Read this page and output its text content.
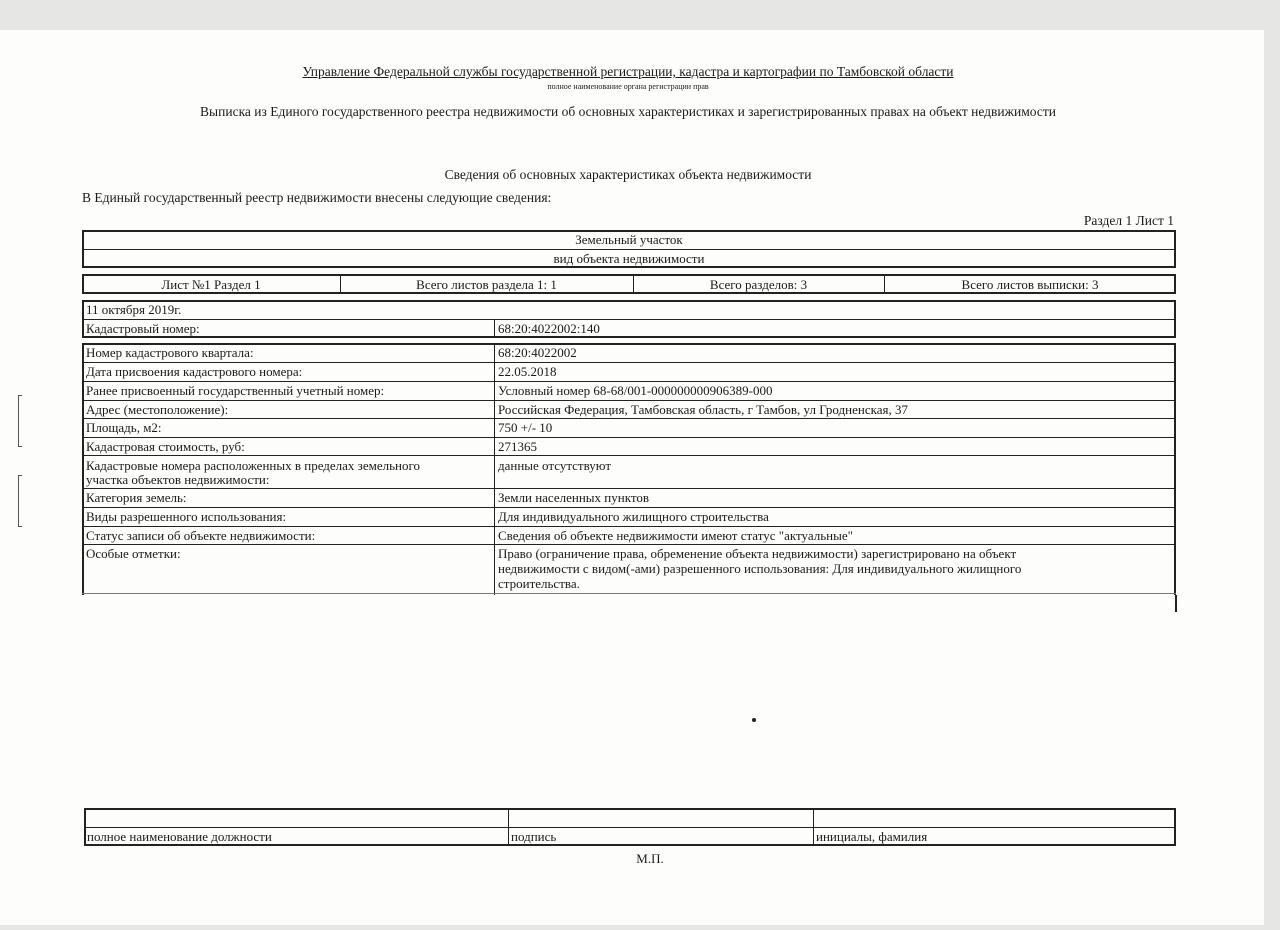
Управление Федеральной службы государственной регистрации, кадастра и картографии по Тамбовской области
полное наименование органа регистрации прав
Выписка из Единого государственного реестра недвижимости об основных характеристиках и зарегистрированных правах на объект недвижимости
Сведения об основных характеристиках объекта недвижимости
В Единый государственный реестр недвижимости внесены следующие сведения:
Раздел 1 Лист 1
Земельный участок
вид объекта недвижимости
Лист №1 Раздел 1	Всего листов раздела 1: 1	Всего разделов: 3	Всего листов выписки: 3
11 октября 2019г.
Кадастровый номер:	68:20:4022002:140
Номер кадастрового квартала:	68:20:4022002
Дата присвоения кадастрового номера:	22.05.2018
Ранее присвоенный государственный учетный номер:	Условный номер 68-68/001-000000000906389-000
Адрес (местоположение):	Российская Федерация, Тамбовская область, г Тамбов, ул Гродненская, 37
Площадь, м2:	750 +/- 10
Кадастровая стоимость, руб:	271365
Кадастровые номера расположенных в пределах земельного
участка объектов недвижимости:
данные отсутствуют
Категория земель:	Земли населенных пунктов
Виды разрешенного использования:	Для индивидуального жилищного строительства
Статус записи об объекте недвижимости:	Сведения об объекте недвижимости имеют статус "актуальные"
Особые отметки:	Право (ограничение права, обременение объекта недвижимости) зарегистрировано на объект
недвижимости с видом(-ами) разрешенного использования: Для индивидуального жилищного
строительства.
полное наименование должности	подпись	инициалы, фамилия
М.П.
